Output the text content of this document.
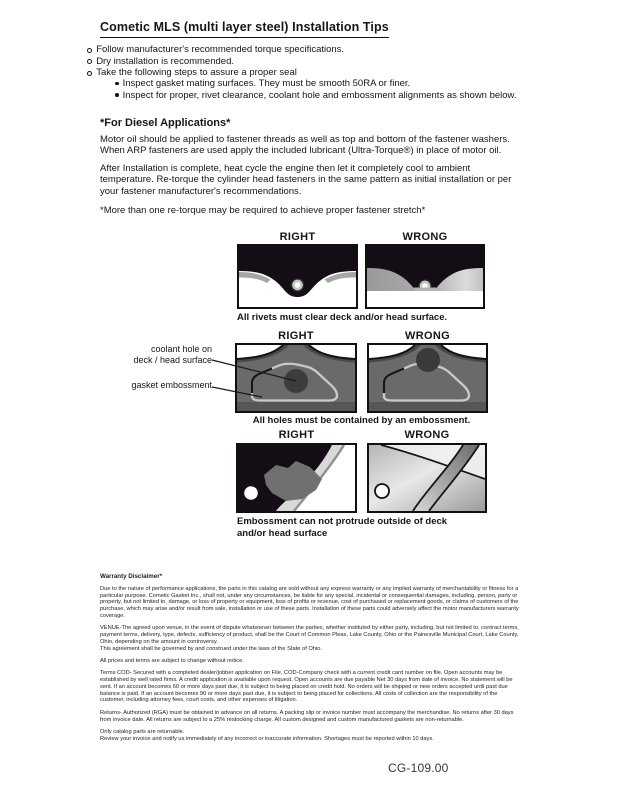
Cometic MLS (multi layer steel) Installation Tips
Follow manufacturer's recommended torque specifications.
Dry installation is recommended.
Take the following steps to assure a proper seal
Inspect gasket mating surfaces. They must be smooth 50RA or finer.
Inspect for proper, rivet clearance, coolant hole and embossment alignments as shown below.
*For Diesel Applications*
Motor oil should be applied to fastener threads as well as top and bottom of the fastener washers. When ARP fasteners are used apply the included lubricant (Ultra-Torque®) in place of motor oil.
After Installation is complete, heat cycle the engine then let it completely cool to ambient temperature. Re-torque the cylinder head fasteners in the same pattern as initial installation or per your fastener manufacturer's recommendations.
*More than one re-torque may be required to achieve proper fastener stretch*
RIGHT	WRONG
All rivets must clear deck and/or head surface.
RIGHT	WRONG
coolant hole on
deck / head surface
gasket embossment
All holes must be contained by an embossment.
RIGHT	WRONG
Embossment can not protrude outside of deck
and/or head surface

Warranty Disclaimer*

Due to the nature of performance applications, the parts in this catalog are sold without any express warranty or any implied warranty of merchantability or fitness for a particular purpose. Cometic Gasket Inc., shall not, under any circumstances, be liable for any special, incidental or consequential damages, including, person, party or property, but not limited to, damage, or loss of property or equipment, loss of profits or revenue, cost of purchased or replacement goods, or claims of customers of the purchase, which may arise and/or result from sale, installation or use of these parts. Installation of these parts could adversely affect the motor manufacturers warranty coverage.

VENUE-The agreed upon venue, in the event of dispute whatsoever between the parties, whether instituted by either party, including, but not limited to, contract terms, payment terms, delivery, type, defects, sufficiency of product, shall be the Court of Common Pleas, Lake County, Ohio or the Painesville Municipal Court, Lake County, Ohio, depending on the amount in controversy.

This agreement shall be governed by and construed under the laws of the State of Ohio.

All prices and terms are subject to change without notice.

Terms COD- Secured with a completed dealer/jobber application on File, COD-Company check with a current credit card number on file. Open accounts may be established by well rated firms. A credit application is available upon request. Open accounts are due payable Net 30 days from date of invoice. No statement will be sent. If an account becomes 60 or more days past due, it is subject to being placed on credit hold. No orders will be shipped or new orders accepted until past due balance is paid. If an account becomes 90 or more days past due, it is subject to being placed for collections. All costs of collection are the responsibility of the customer, including attorney fees, court costs, and other expenses of litigation.

Returns- Authorized (RGA) must be obtained in advance on all returns. A packing slip or invoice number must accompany the merchandise. No returns after 30 days from invoice date. All returns are subject to a 25% restocking charge. All custom designed and custom manufactured gaskets are non-returnable.

Only catalog parts are returnable.

Review your invoice and notify us immediately of any incorrect or inaccurate information. Shortages must be reported within 10 days.

CG-109.00
